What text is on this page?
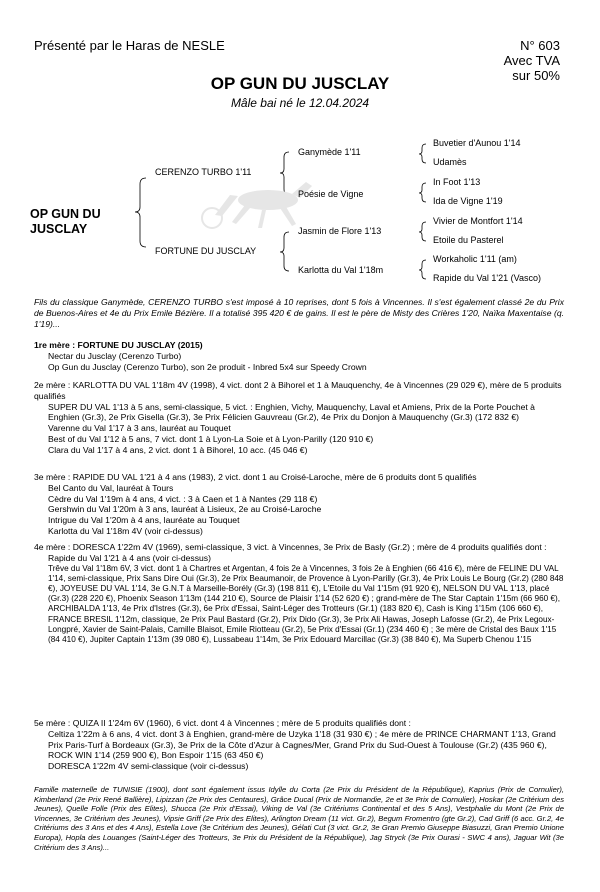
Présenté par le Haras de NESLE	N° 603
Avec TVA
sur 50%
OP GUN DU JUSCLAY
Mâle bai né le 12.04.2024
OP GUN DU
JUSCLAY
CERENZO TURBO 1'11
FORTUNE DU JUSCLAY
Ganymède 1'11
Poésie de Vigne
Jasmin de Flore 1'13
Karlotta du Val 1'18m
Buvetier d'Aunou 1'14
Udamès
In Foot 1'13
Ida de Vigne 1'19
Vivier de Montfort 1'14
Etoile du Pasterel
Workaholic 1'11 (am)
Rapide du Val 1'21 (Vasco)
Fils du classique Ganymède, CERENZO TURBO s'est imposé à 10 reprises, dont 5 fois à Vincennes. Il s'est également classé 2e du Prix de Buenos-Aires et 4e du Prix Emile Bézière. Il a totalisé 395 420 € de gains. Il est le père de Misty des Crières 1'20, Naïka Maxentaise (q. 1'19)...

1re mère : FORTUNE DU JUSCLAY (2015)

Nectar du Jusclay (Cerenzo Turbo)

Op Gun du Jusclay (Cerenzo Turbo), son 2e produit - Inbred 5x4 sur Speedy Crown

2e mère : KARLOTTA DU VAL 1'18m 4V (1998), 4 vict. dont 2 à Bihorel et 1 à Mauquenchy, 4e à Vincennes (29 029 €), mère de 5 produits qualifiés

SUPER DU VAL 1'13 à 5 ans, semi-classique, 5 vict. : Enghien, Vichy, Mauquenchy, Laval et Amiens, Prix de la Porte Pouchet à Enghien (Gr.3), 2e Prix Gisella (Gr.3), 3e Prix Félicien Gauvreau (Gr.2), 4e Prix du Donjon à Mauquenchy (Gr.3) (172 832 €)

Varenne du Val 1'17 à 3 ans, lauréat au Touquet

Best of du Val 1'12 à 5 ans, 7 vict. dont 1 à Lyon-La Soie et à Lyon-Parilly (120 910 €)

Clara du Val 1'17 à 4 ans, 2 vict. dont 1 à Bihorel, 10 acc. (45 046 €)

3e mère : RAPIDE DU VAL 1'21 à 4 ans (1983), 2 vict. dont 1 au Croisé-Laroche, mère de 6 produits dont 5 qualifiés

Bel Canto du Val, lauréat à Tours

Cèdre du Val 1'19m à 4 ans, 4 vict. : 3 à Caen et 1 à Nantes (29 118 €)

Gershwin du Val 1'20m à 3 ans, lauréat à Lisieux, 2e au Croisé-Laroche

Intrigue du Val 1'20m à 4 ans, lauréate au Touquet

Karlotta du Val 1'18m 4V (voir ci-dessus)

4e mère : DORESCA 1'22m 4V (1969), semi-classique, 3 vict. à Vincennes, 3e Prix de Basly (Gr.2) ; mère de 4 produits qualifiés dont :

Rapide du Val 1'21 à 4 ans (voir ci-dessus)

Trêve du Val 1'18m 6V, 3 vict. dont 1 à Chartres et Argentan, 4 fois 2e à Vincennes, 3 fois 2e à Enghien (66 416 €), mère de FELINE DU VAL 1'14, semi-classique, Prix Sans Dire Oui (Gr.3), 2e Prix Beaumanoir, de Provence à Lyon-Parilly (Gr.3), 4e Prix Louis Le Bourg (Gr.2) (280 848 €), JOYEUSE DU VAL 1'14, 3e G.N.T à Marseille-Borély (Gr.3) (198 811 €), L'Etoile du Val 1'15m (91 920 €), NELSON DU VAL 1'13, placé (Gr.3) (228 220 €), Phoenix Season 1'13m (144 210 €), Source de Plaisir 1'14 (52 620 €) ; grand-mère de The Star Captain 1'15m (66 960 €), ARCHIBALDA 1'13, 4e Prix d'Istres (Gr.3), 6e Prix d'Essai, Saint-Léger des Trotteurs (Gr.1) (183 820 €), Cash is King 1'15m (106 660 €), FRANCE BRESIL 1'12m, classique, 2e Prix Paul Bastard (Gr.2), Prix Dido (Gr.3), 3e Prix Ali Hawas, Joseph Lafosse (Gr.2), 4e Prix Legoux-Longpré, Xavier de Saint-Palais, Camille Blaisot, Emile Riotteau (Gr.2), 5e Prix d'Essai (Gr.1) (234 460 €) ; 3e mère de Cristal des Baux 1'15 (84 410 €), Jupiter Captain 1'13m (39 080 €), Lussabeau 1'14m, 3e Prix Edouard Marcillac (Gr.3) (38 840 €), Ma Superb Chenou 1'15

5e mère : QUIZA II 1'24m 6V (1960), 6 vict. dont 4 à Vincennes ; mère de 5 produits qualifiés dont :

Celtiza 1'22m à 6 ans, 4 vict. dont 3 à Enghien, grand-mère de Uzyka 1'18 (31 930 €) ; 4e mère de PRINCE CHARMANT 1'13, Grand Prix Paris-Turf à Bordeaux (Gr.3), 3e Prix de la Côte d'Azur à Cagnes/Mer, Grand Prix du Sud-Ouest à Toulouse (Gr.2) (435 960 €), ROCK WIN 1'14 (259 900 €), Bon Espoir 1'15 (63 450 €)

DORESCA 1'22m 4V semi-classique (voir ci-dessus)

Famille maternelle de TUNISIE (1900), dont sont également issus Idylle du Corta (2e Prix du Président de la République), Kaprius (Prix de Cornulier), Kimberland (2e Prix René Ballière), Lipizzan (2e Prix des Centaures), Grâce Ducal (Prix de Normandie, 2e et 3e Prix de Cornulier), Hoskar (2e Critérium des Jeunes), Quelle Folle (Prix des Elites), Shucca (2e Prix d'Essai), Viking de Val (3e Critériums Continental et des 5 Ans), Vestphalie du Mont (2e Prix de Vincennes, 3e Critérium des Jeunes), Vipsie Griff (2e Prix des Elites), Arlington Dream (11 vict. Gr.2), Begum Fromentro (gte Gr.2), Cad Griff (6 acc. Gr.2, 4e Critériums des 3 Ans et des 4 Ans), Estella Love (3e Critérium des Jeunes), Gélati Cut (3 vict. Gr.2, 3e Gran Premio Giuseppe Biasuzzi, Gran Premio Unione Europa), Hopla des Louanges (Saint-Léger des Trotteurs, 3e Prix du Président de la République), Jag Stryck (3e Prix Ourasi - SWC 4 ans), Jaguar Wit (3e Critérium des 3 Ans)...
